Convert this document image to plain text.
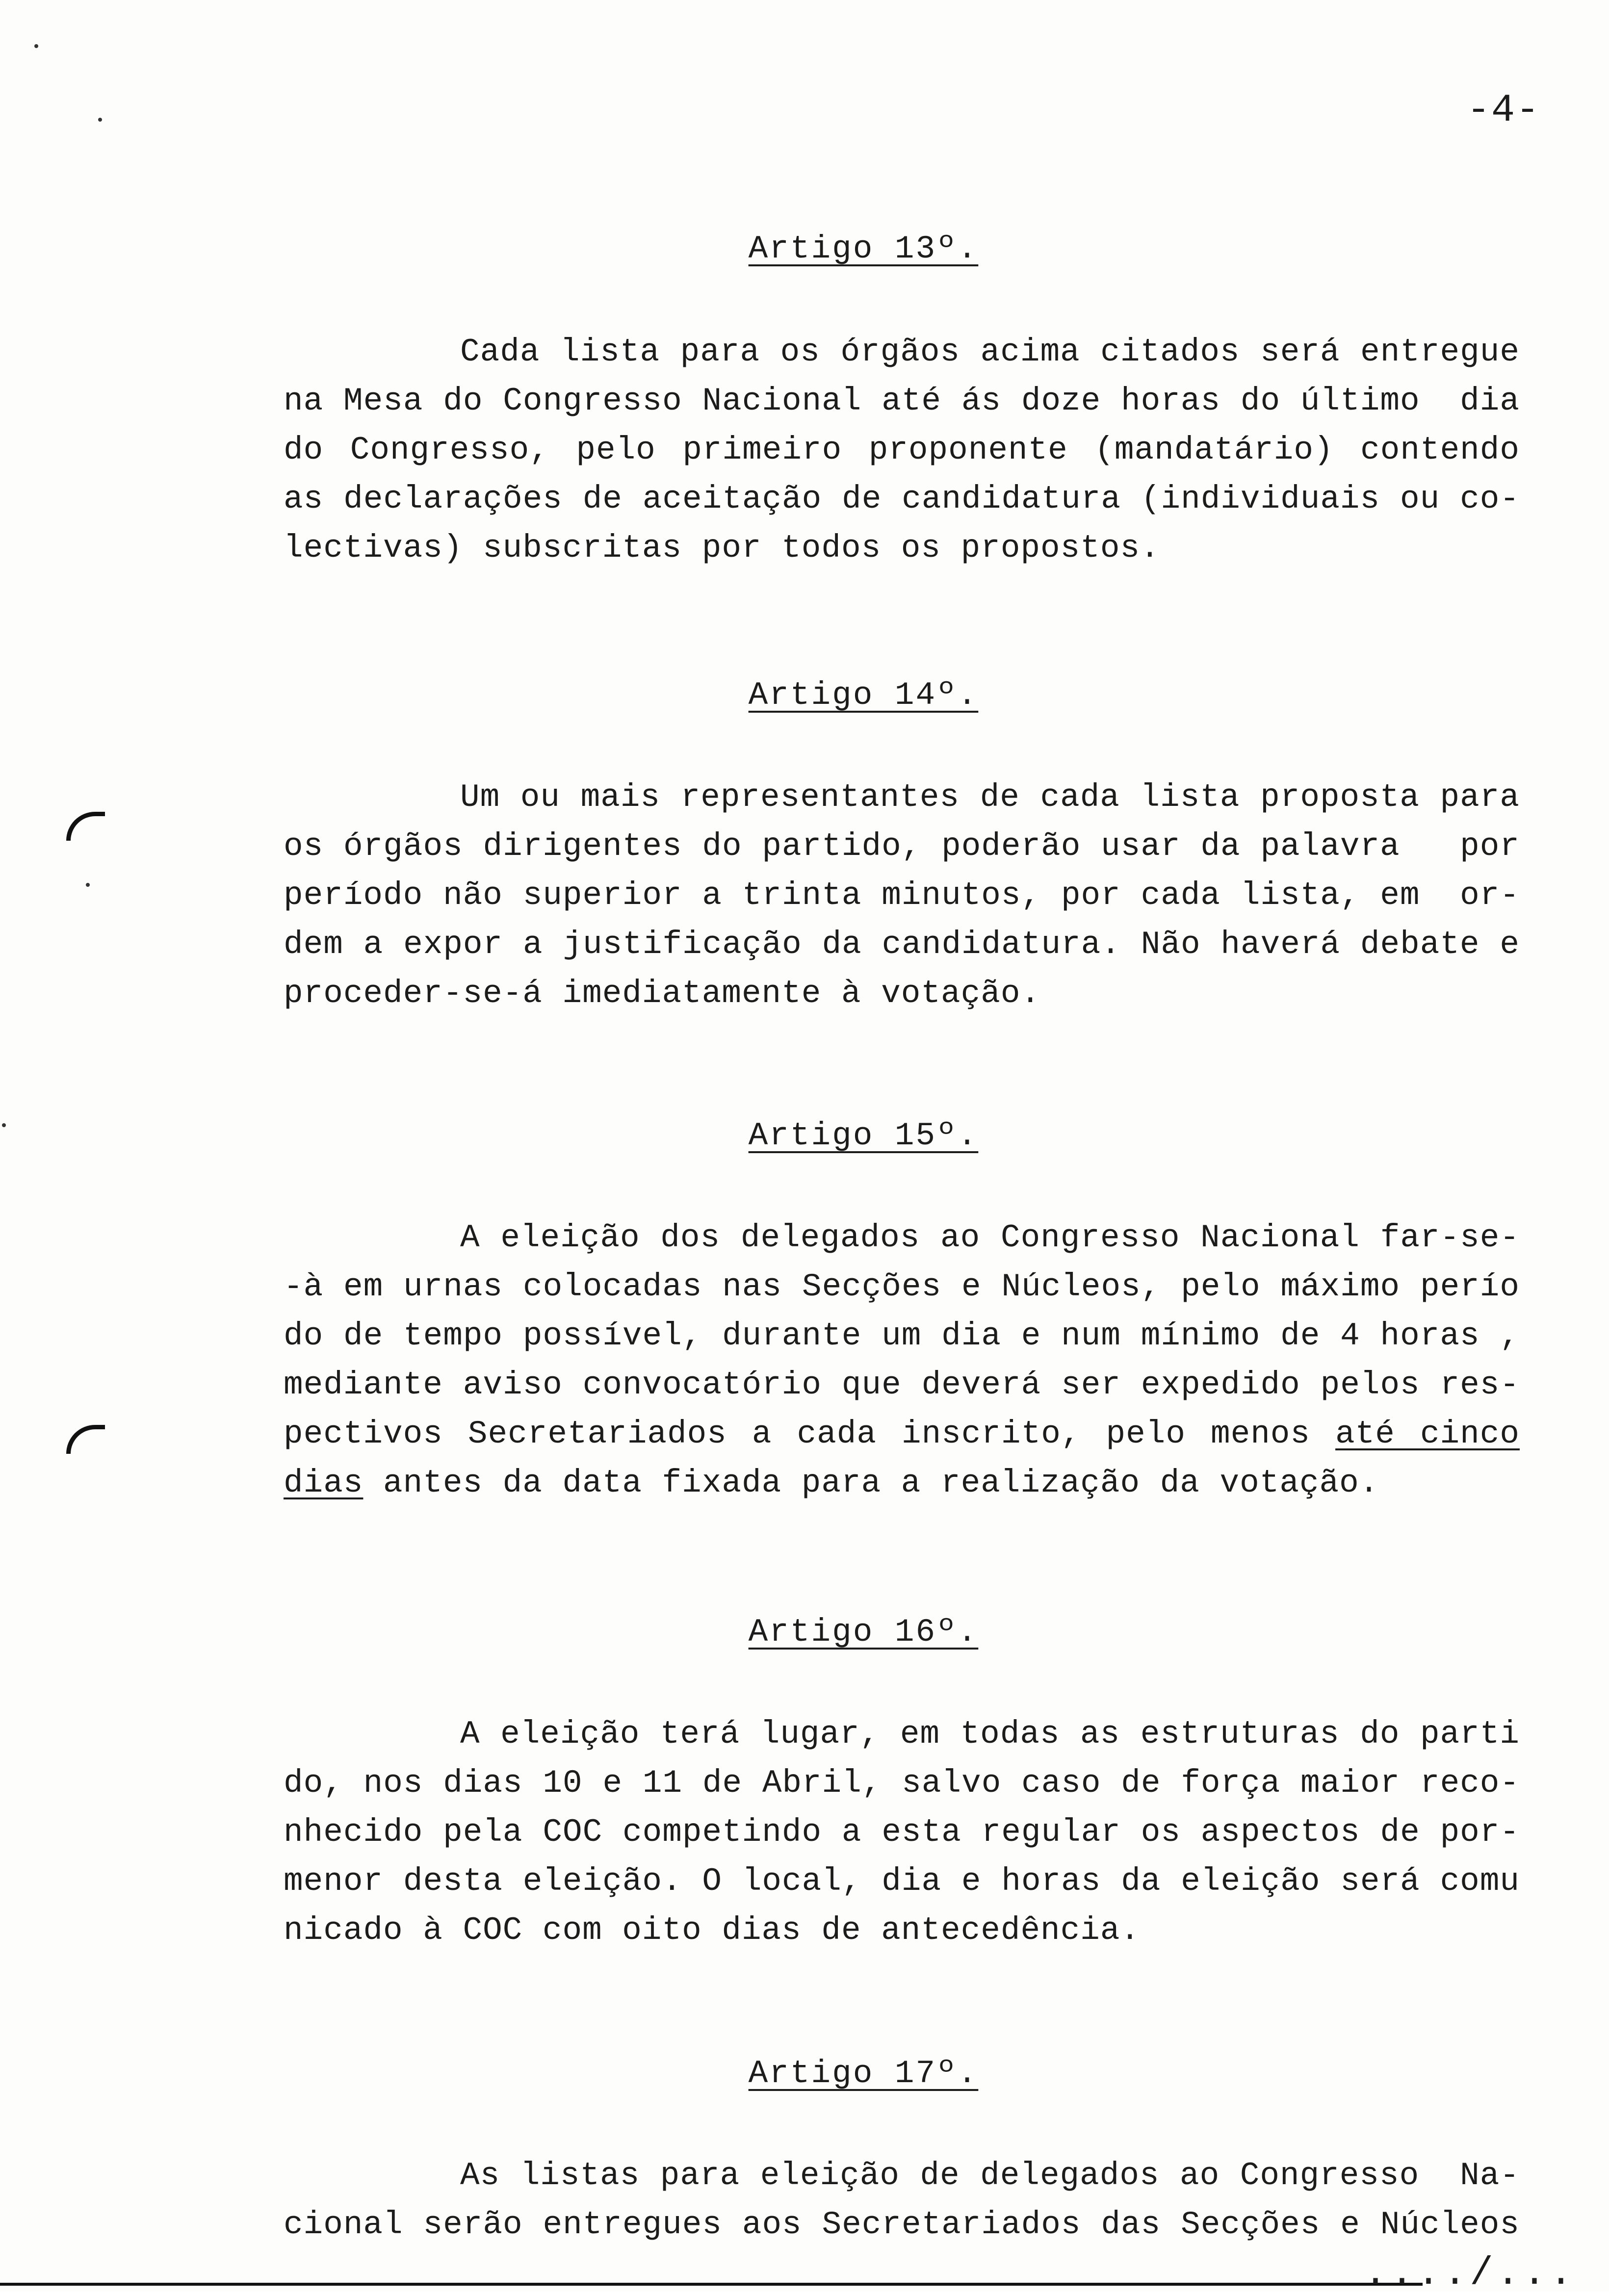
-4-
Artigo 13º.
Cada lista para os órgãos acima citados será entregue
na Mesa do Congresso Nacional até ás doze horas do último  dia
do Congresso, pelo primeiro proponente (mandatário) contendo
as declarações de aceitação de candidatura (individuais ou co-
lectivas) subscritas por todos os propostos.
Artigo 14º.
Um ou mais representantes de cada lista proposta para
os órgãos dirigentes do partido, poderão usar da palavra   por
período não superior a trinta minutos, por cada lista, em  or-
dem a expor a justificação da candidatura. Não haverá debate e
proceder-se-á imediatamente à votação.
Artigo 15º.
A eleição dos delegados ao Congresso Nacional far-se-
-à em urnas colocadas nas Secções e Núcleos, pelo máximo perío
do de tempo possível, durante um dia e num mínimo de 4 horas ,
mediante aviso convocatório que deverá ser expedido pelos res-
pectivos Secretariados a cada inscrito, pelo menos até cinco
dias antes da data fixada para a realização da votação.
Artigo 16º.
A eleição terá lugar, em todas as estruturas do parti
do, nos dias 10 e 11 de Abril, salvo caso de força maior reco-
nhecido pela COC competindo a esta regular os aspectos de por-
menor desta eleição. O local, dia e horas da eleição será comu
nicado à COC com oito dias de antecedência.
Artigo 17º.
As listas para eleição de delegados ao Congresso  Na-
cional serão entregues aos Secretariados das Secções e Núcleos
..../...
